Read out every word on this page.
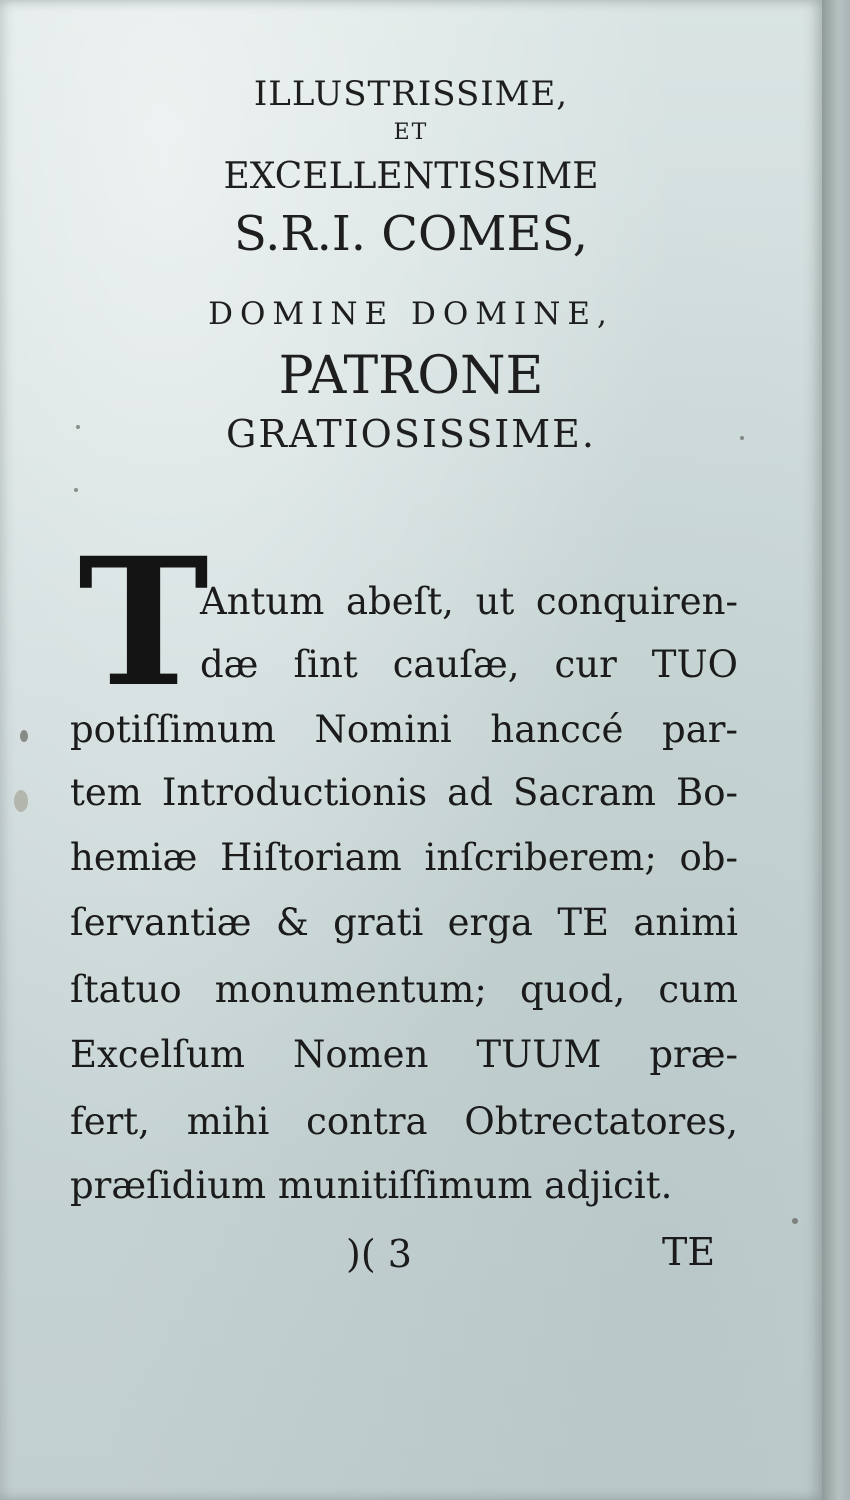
ILLUSTRISSIME,
ET
EXCELLENTISSIME
S.R.I. COMES,
DOMINE DOMINE,
PATRONE
GRATIOSISSIME.
T
Antum abeſt, ut conquiren-
dæ ſint cauſæ, cur TUO
potiſſimum Nomini hanccé par-
tem Introductionis ad Sacram Bo-
hemiæ Hiſtoriam inſcriberem; ob-
ſervantiæ & grati erga TE animi
ſtatuo monumentum; quod, cum
Excelſum Nomen TUUM præ-
fert, mihi contra Obtrectatores,
præſidium munitiſſimum adjicit.
)( 3	TE
